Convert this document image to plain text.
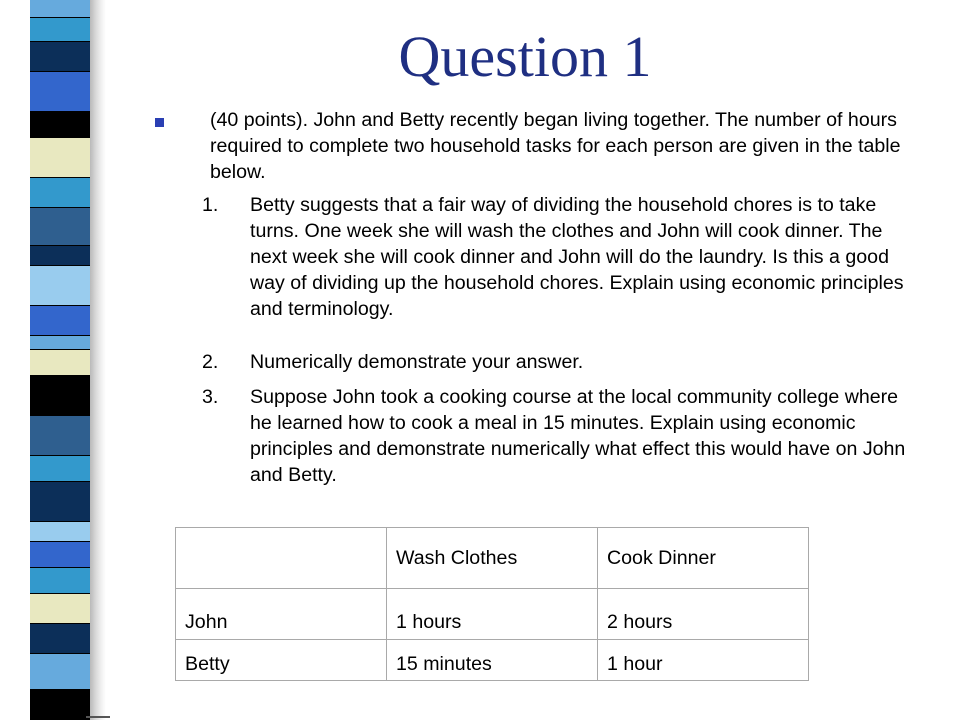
Question 1

(40 points). John and Betty recently began living together. The number of hours required to complete two household tasks for each person are given in the table below.

1. Betty suggests that a fair way of dividing the household chores is to take turns. One week she will wash the clothes and John will cook dinner. The next week she will cook dinner and John will do the laundry. Is this a good way of dividing up the household chores. Explain using economic principles and terminology.
2. Numerically demonstrate your answer.
3. Suppose John took a cooking course at the local community college where he learned how to cook a meal in 15 minutes. Explain using economic principles and demonstrate numerically what effect this would have on John and Betty.
	Wash Clothes	Cook Dinner
John	1 hours	2 hours
Betty	15 minutes	1 hour
